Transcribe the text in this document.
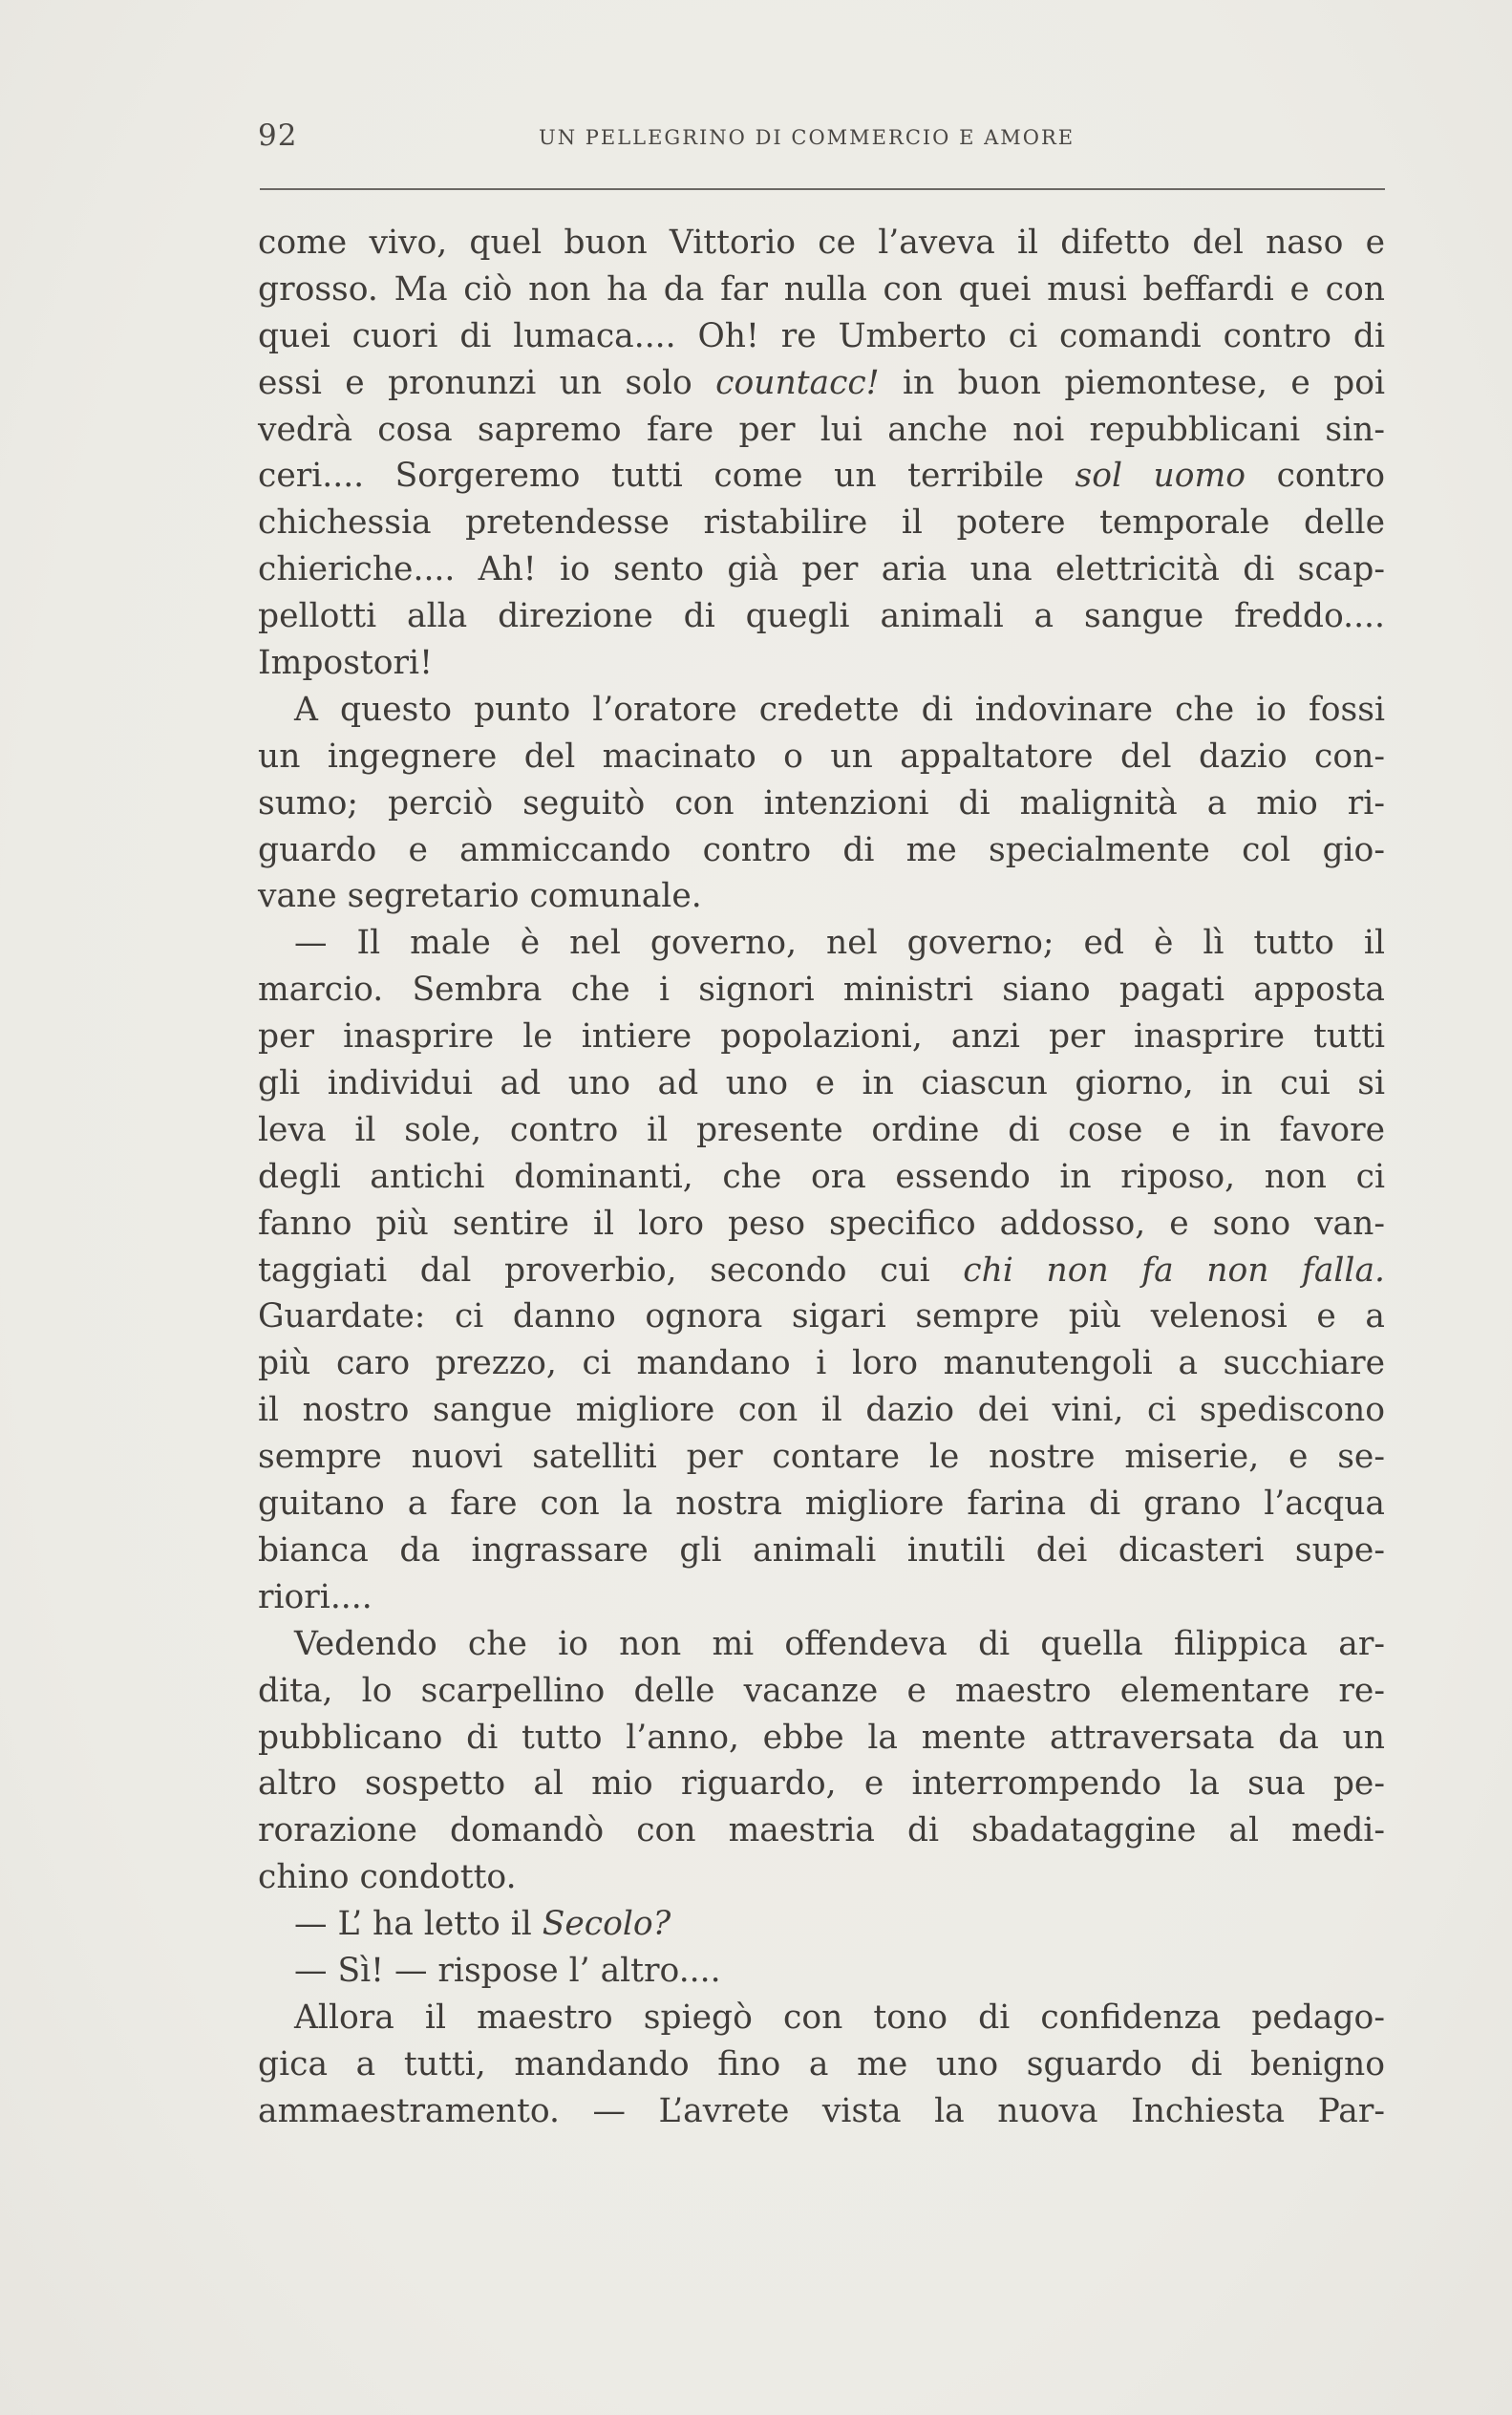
92	UN PELLEGRINO DI COMMERCIO E AMORE
come vivo, quel buon Vittorio ce l’aveva il difetto del naso e
grosso. Ma ciò non ha da far nulla con quei musi beffardi e con
quei cuori di lumaca.... Oh! re Umberto ci comandi contro di
essi e pronunzi un solo countacc! in buon piemontese, e poi
vedrà cosa sapremo fare per lui anche noi repubblicani sin-
ceri.... Sorgeremo tutti come un terribile sol uomo contro
chichessia pretendesse ristabilire il potere temporale delle
chieriche.... Ah! io sento già per aria una elettricità di scap-
pellotti alla direzione di quegli animali a sangue freddo....
Impostori!
A questo punto l’oratore credette di indovinare che io fossi
un ingegnere del macinato o un appaltatore del dazio con-
sumo; perciò seguitò con intenzioni di malignità a mio ri-
guardo e ammiccando contro di me specialmente col gio-
vane segretario comunale.
— Il male è nel governo, nel governo; ed è lì tutto il
marcio. Sembra che i signori ministri siano pagati apposta
per inasprire le intiere popolazioni, anzi per inasprire tutti
gli individui ad uno ad uno e in ciascun giorno, in cui si
leva il sole, contro il presente ordine di cose e in favore
degli antichi dominanti, che ora essendo in riposo, non ci
fanno più sentire il loro peso specifico addosso, e sono van-
taggiati dal proverbio, secondo cui chi non fa non falla.
Guardate: ci danno ognora sigari sempre più velenosi e a
più caro prezzo, ci mandano i loro manutengoli a succhiare
il nostro sangue migliore con il dazio dei vini, ci spediscono
sempre nuovi satelliti per contare le nostre miserie, e se-
guitano a fare con la nostra migliore farina di grano l’acqua
bianca da ingrassare gli animali inutili dei dicasteri supe-
riori....
Vedendo che io non mi offendeva di quella filippica ar-
dita, lo scarpellino delle vacanze e maestro elementare re-
pubblicano di tutto l’anno, ebbe la mente attraversata da un
altro sospetto al mio riguardo, e interrompendo la sua pe-
rorazione domandò con maestria di sbadataggine al medi-
chino condotto.
— L’ ha letto il Secolo?
— Sì! — rispose l’ altro....
Allora il maestro spiegò con tono di confidenza pedago-
gica a tutti, mandando fino a me uno sguardo di benigno
ammaestramento. — L’avrete vista la nuova Inchiesta Par-
